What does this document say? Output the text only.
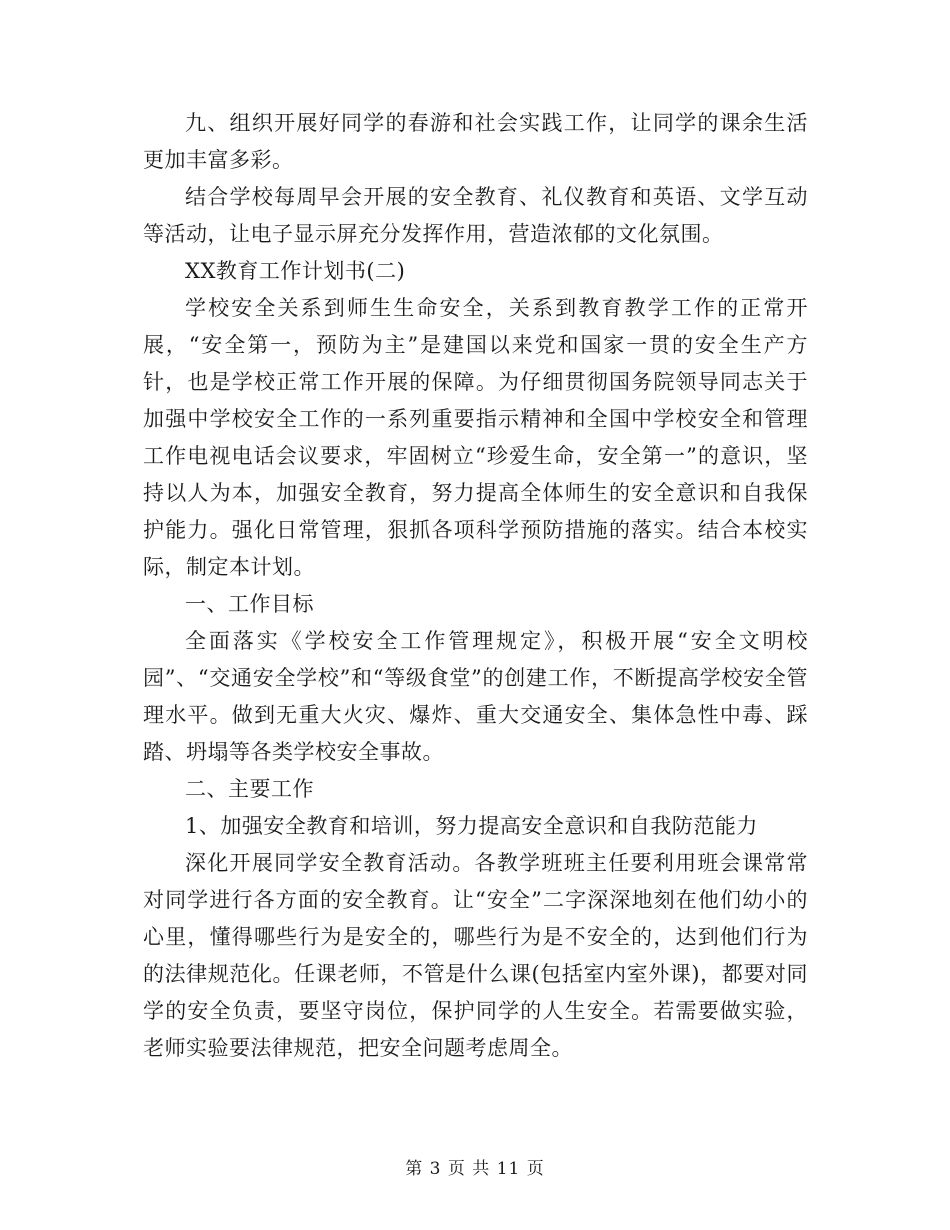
九、组织开展好同学的春游和社会实践工作，让同学的课余生活更加丰富多彩。

结合学校每周早会开展的安全教育、礼仪教育和英语、文学互动等活动，让电子显示屏充分发挥作用，营造浓郁的文化氛围。

XX教育工作计划书(二)

学校安全关系到师生生命安全，关系到教育教学工作的正常开展，“安全第一，预防为主”是建国以来党和国家一贯的安全生产方针，也是学校正常工作开展的保障。为仔细贯彻国务院领导同志关于加强中学校安全工作的一系列重要指示精神和全国中学校安全和管理工作电视电话会议要求，牢固树立“珍爱生命，安全第一”的意识，坚持以人为本，加强安全教育，努力提高全体师生的安全意识和自我保护能力。强化日常管理，狠抓各项科学预防措施的落实。结合本校实际，制定本计划。

一、工作目标

全面落实《学校安全工作管理规定》，积极开展“安全文明校园”、“交通安全学校”和“等级食堂”的创建工作，不断提高学校安全管理水平。做到无重大火灾、爆炸、重大交通安全、集体急性中毒、踩踏、坍塌等各类学校安全事故。

二、主要工作

1、加强安全教育和培训，努力提高安全意识和自我防范能力

深化开展同学安全教育活动。各教学班班主任要利用班会课常常对同学进行各方面的安全教育。让“安全”二字深深地刻在他们幼小的心里，懂得哪些行为是安全的，哪些行为是不安全的，达到他们行为的法律规范化。任课老师，不管是什么课(包括室内室外课)，都要对同学的安全负责，要坚守岗位，保护同学的人生安全。若需要做实验，老师实验要法律规范，把安全问题考虑周全。

第 3 页 共 11 页
